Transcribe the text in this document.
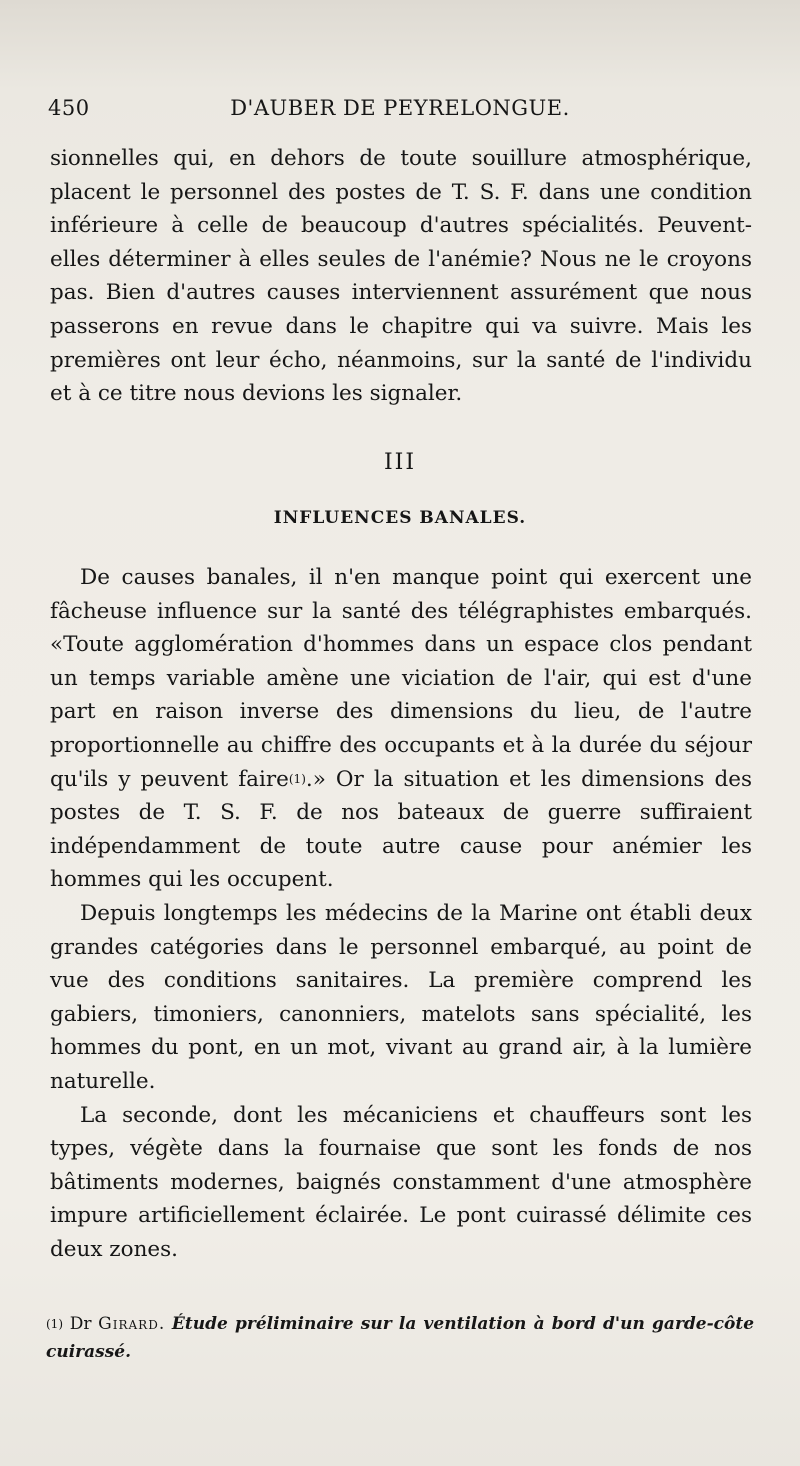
450	D'AUBER DE PEYRELONGUE.

sionnelles qui, en dehors de toute souillure atmosphérique, placent le personnel des postes de T. S. F. dans une condition inférieure à celle de beaucoup d'autres spécialités. Peuvent-elles déterminer à elles seules de l'anémie? Nous ne le croyons pas. Bien d'autres causes interviennent assurément que nous passerons en revue dans le chapitre qui va suivre. Mais les premières ont leur écho, néanmoins, sur la santé de l'individu et à ce titre nous devions les signaler.

III
INFLUENCES BANALES.

De causes banales, il n'en manque point qui exercent une fâcheuse influence sur la santé des télégraphistes embarqués. «Toute agglomération d'hommes dans un espace clos pendant un temps variable amène une viciation de l'air, qui est d'une part en raison inverse des dimensions du lieu, de l'autre proportionnelle au chiffre des occupants et à la durée du séjour qu'ils y peuvent faire$^{(1)}$.» Or la situation et les dimensions des postes de T. S. F. de nos bateaux de guerre suffiraient indépendamment de toute autre cause pour anémier les hommes qui les occupent.

Depuis longtemps les médecins de la Marine ont établi deux grandes catégories dans le personnel embarqué, au point de vue des conditions sanitaires. La première comprend les gabiers, timoniers, canonniers, matelots sans spécialité, les hommes du pont, en un mot, vivant au grand air, à la lumière naturelle.

La seconde, dont les mécaniciens et chauffeurs sont les types, végète dans la fournaise que sont les fonds de nos bâtiments modernes, baignés constamment d'une atmosphère impure artificiellement éclairée. Le pont cuirassé délimite ces deux zones.

$^{(1)}$ Dr Girard. Étude préliminaire sur la ventilation à bord d'un garde-côte cuirassé.
